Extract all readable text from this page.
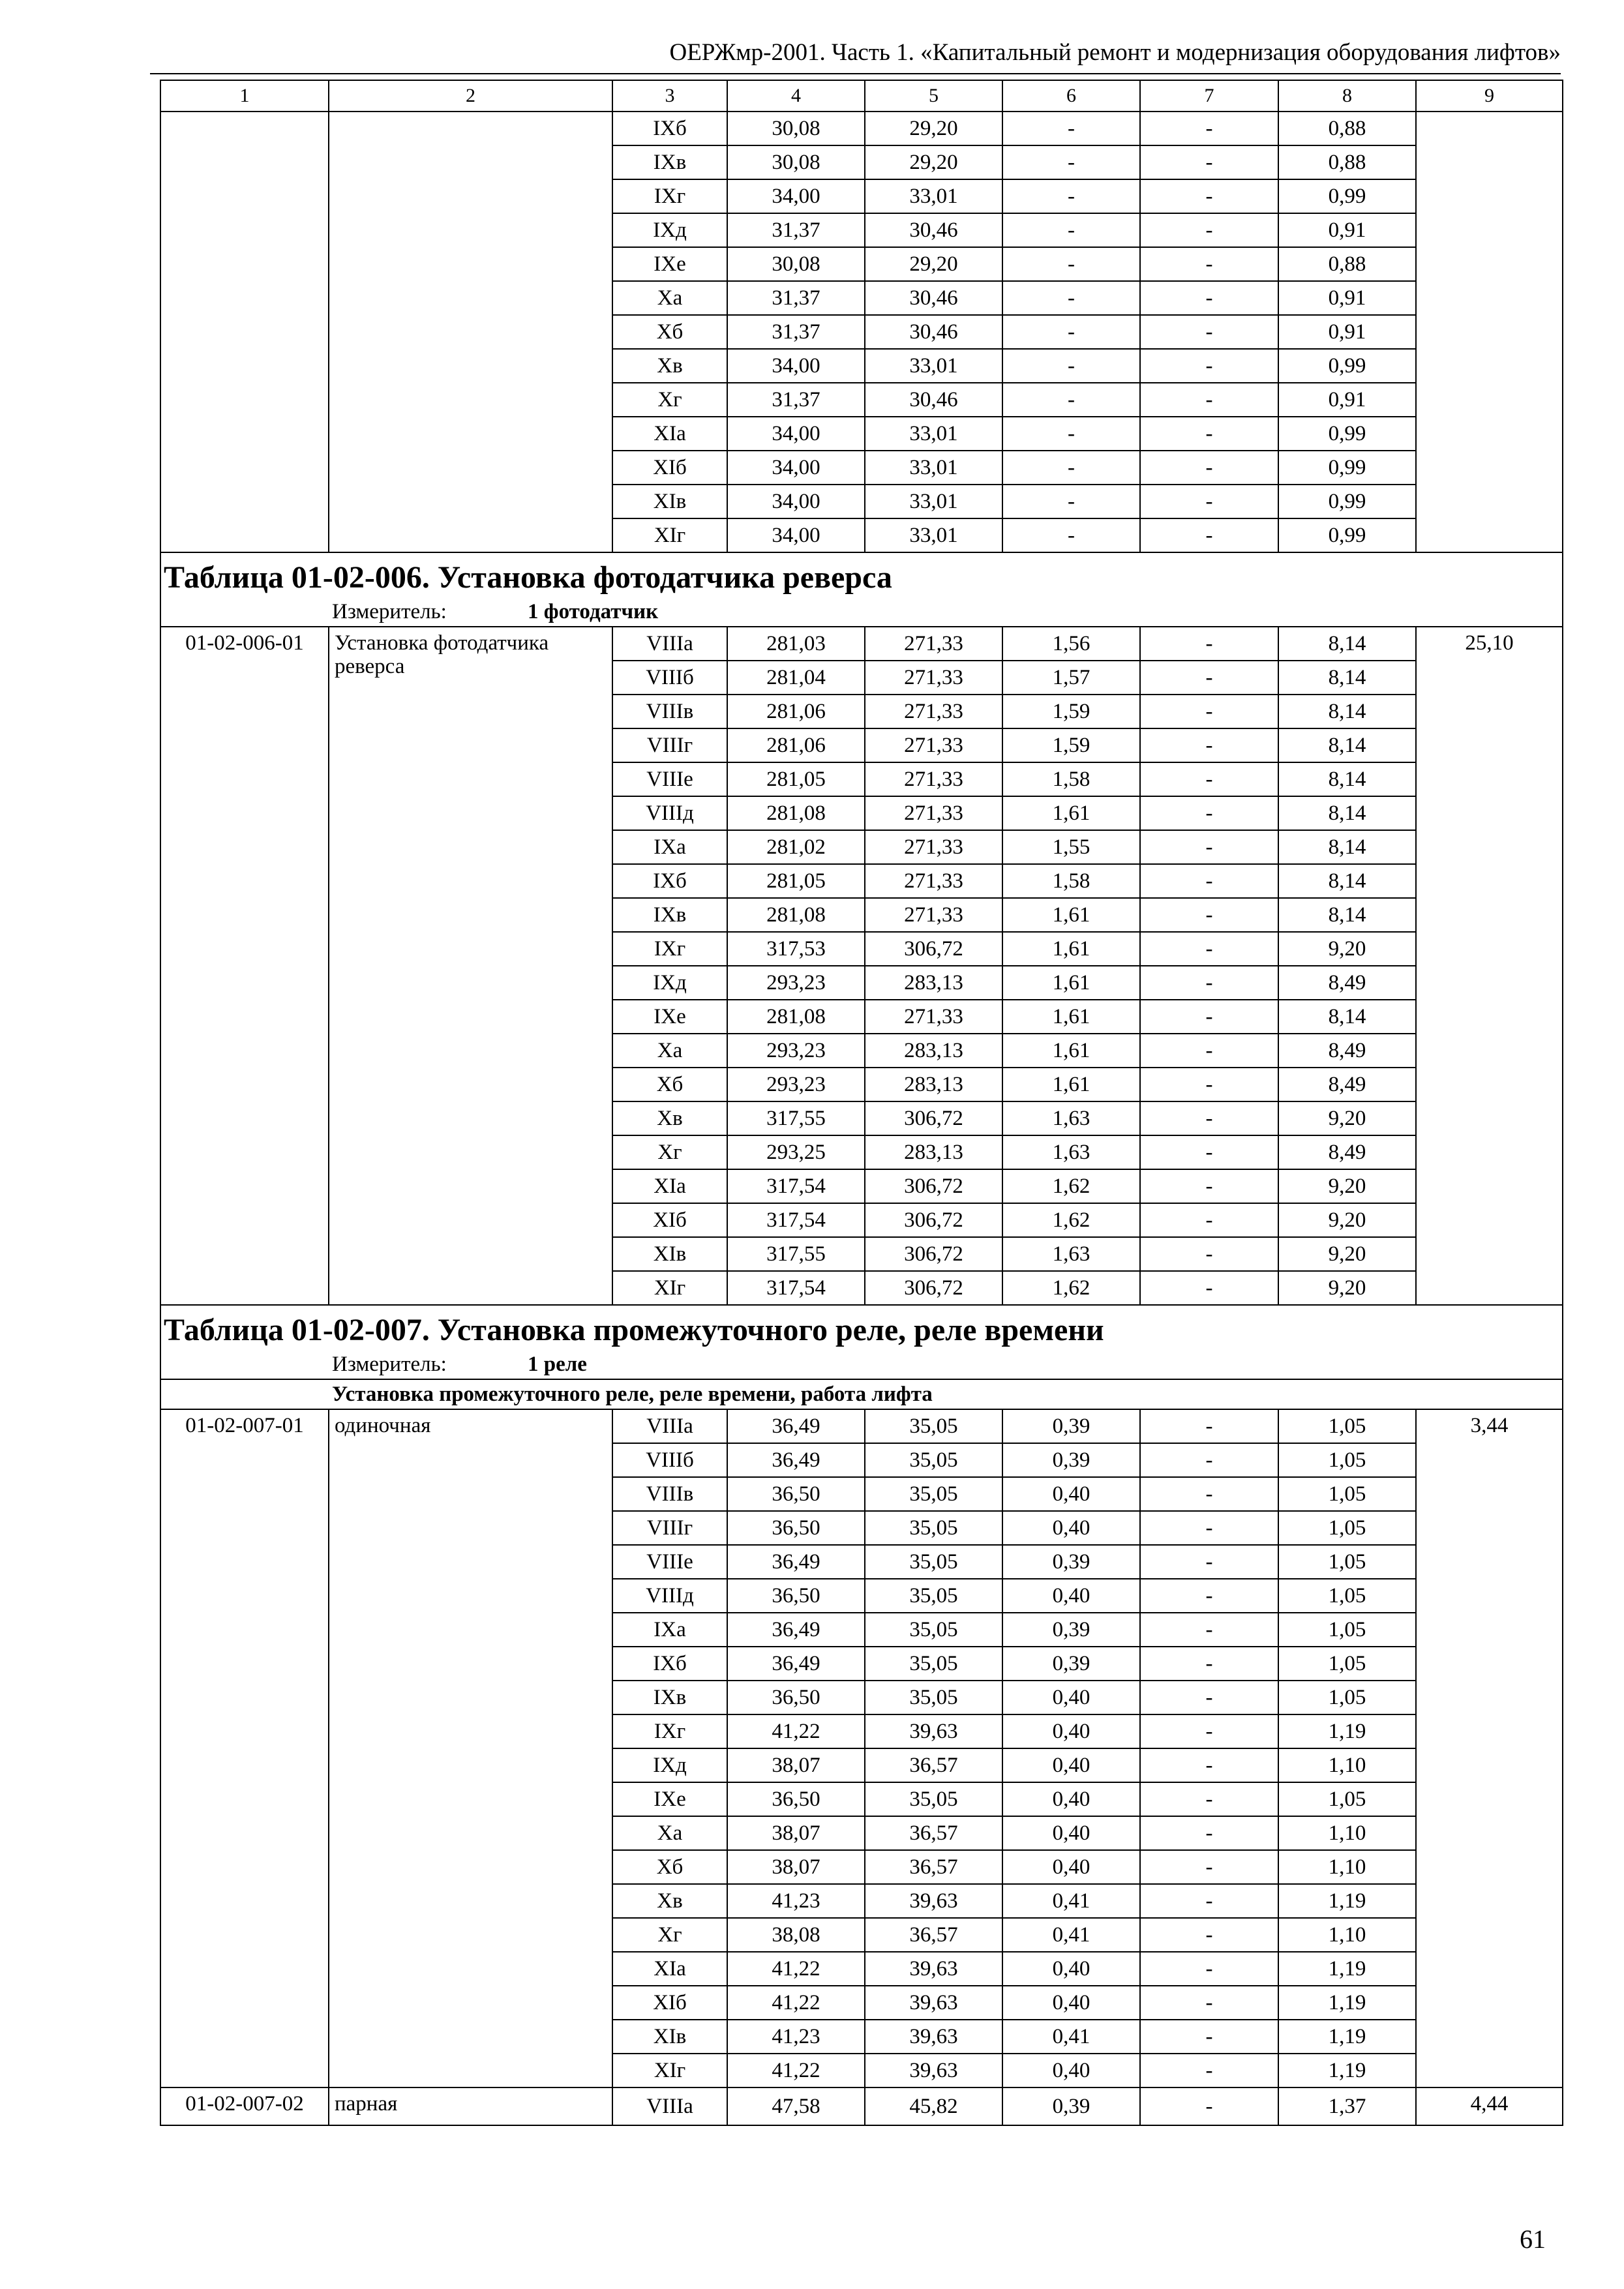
ОЕРЖмр-2001. Часть 1. «Капитальный ремонт и модернизация оборудования лифтов»
1	2	3	4	5	6	7	8	9
		IXб	30,08	29,20	-	-	0,88	
		IXв	30,08	29,20	-	-	0,88	
		IXг	34,00	33,01	-	-	0,99	
		IXд	31,37	30,46	-	-	0,91	
		IXе	30,08	29,20	-	-	0,88	
		Xа	31,37	30,46	-	-	0,91	
		Xб	31,37	30,46	-	-	0,91	
		Xв	34,00	33,01	-	-	0,99	
		Xг	31,37	30,46	-	-	0,91	
		XIа	34,00	33,01	-	-	0,99	
		XIб	34,00	33,01	-	-	0,99	
		XIв	34,00	33,01	-	-	0,99	
		XIг	34,00	33,01	-	-	0,99	
Таблица 01-02-006. Установка фотодатчика реверса								
Измеритель: 1 фотодатчик								
01-02-006-01	Установка фотодатчика реверса	VIIIа	281,03	271,33	1,56	-	8,14	25,10
		VIIIб	281,04	271,33	1,57	-	8,14	
		VIIIв	281,06	271,33	1,59	-	8,14	
		VIIIг	281,06	271,33	1,59	-	8,14	
		VIIIе	281,05	271,33	1,58	-	8,14	
		VIIIд	281,08	271,33	1,61	-	8,14	
		IXа	281,02	271,33	1,55	-	8,14	
		IXб	281,05	271,33	1,58	-	8,14	
		IXв	281,08	271,33	1,61	-	8,14	
		IXг	317,53	306,72	1,61	-	9,20	
		IXд	293,23	283,13	1,61	-	8,49	
		IXе	281,08	271,33	1,61	-	8,14	
		Xа	293,23	283,13	1,61	-	8,49	
		Xб	293,23	283,13	1,61	-	8,49	
		Xв	317,55	306,72	1,63	-	9,20	
		Xг	293,25	283,13	1,63	-	8,49	
		XIа	317,54	306,72	1,62	-	9,20	
		XIб	317,54	306,72	1,62	-	9,20	
		XIв	317,55	306,72	1,63	-	9,20	
		XIг	317,54	306,72	1,62	-	9,20	
Таблица 01-02-007. Установка промежуточного реле, реле времени								
Измеритель: 1 реле								
Установка промежуточного реле, реле времени, работа лифта								
01-02-007-01	одиночная	VIIIа	36,49	35,05	0,39	-	1,05	3,44
		VIIIб	36,49	35,05	0,39	-	1,05	
		VIIIв	36,50	35,05	0,40	-	1,05	
		VIIIг	36,50	35,05	0,40	-	1,05	
		VIIIе	36,49	35,05	0,39	-	1,05	
		VIIIд	36,50	35,05	0,40	-	1,05	
		IXа	36,49	35,05	0,39	-	1,05	
		IXб	36,49	35,05	0,39	-	1,05	
		IXв	36,50	35,05	0,40	-	1,05	
		IXг	41,22	39,63	0,40	-	1,19	
		IXд	38,07	36,57	0,40	-	1,10	
		IXе	36,50	35,05	0,40	-	1,05	
		Xа	38,07	36,57	0,40	-	1,10	
		Xб	38,07	36,57	0,40	-	1,10	
		Xв	41,23	39,63	0,41	-	1,19	
		Xг	38,08	36,57	0,41	-	1,10	
		XIа	41,22	39,63	0,40	-	1,19	
		XIб	41,22	39,63	0,40	-	1,19	
		XIв	41,23	39,63	0,41	-	1,19	
		XIг	41,22	39,63	0,40	-	1,19	
01-02-007-02	парная	VIIIа	47,58	45,82	0,39	-	1,37	4,44
61
